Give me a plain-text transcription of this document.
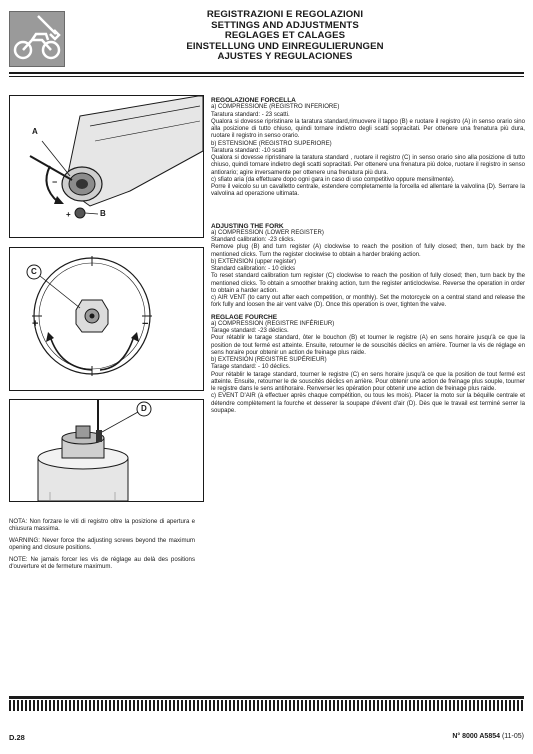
REGISTRAZIONI E REGOLAZIONI
SETTINGS AND ADJUSTMENTS
REGLAGES ET CALAGES
EINSTELLUNG UND EINREGULIERUNGEN
AJUSTES Y REGULACIONES
+
−
A
B
C
+	−
D

NOTA: Non forzare le viti di registro oltre la posizione di apertura e chiusura massima.

WARNING: Never force the adjusting screws beyond the maximum opening and closure positions.

NOTE: Ne jamais forcer les vis de réglage au delà des positions d'ouverture et de fermeture maximum.

REGOLAZIONE FORCELLA

a) COMPRESSIONE (REGISTRO INFERIORE)

Taratura standard: - 23 scatti.

Qualora si dovesse ripristinare la taratura standard,rimuovere il tappo (B) e ruotare il registro (A) in senso orario sino alla posizione di tutto chiuso, quindi tornare indietro degli scatti sopracitati. Per ottenere una frenatura più dura, ruotare il registro in senso orario.

b) ESTENSIONE (REGISTRO SUPERIORE)

Taratura standard: -10 scatti

Qualora si dovesse ripristinare la taratura standard , ruotare il registro (C) in senso orario sino alla posizione di tutto chiuso, quindi tornare indietro degli scatti sopracitati. Per ottenere una frenatura più dolce, ruotare il registro in senso antiorario; agire inversamente per ottenere una frenatura più dura.

c) sfiato aria (da effettuare dopo ogni gara in caso di uso competitivo oppure mensilmente).

Porre il veicolo su un cavalletto centrale, estendere completamente la forcella ed allentare la valvolina (D). Serrare la valvolina ad operazione ultimata.

ADJUSTING THE FORK

a) COMPRESSION (LOWER REGISTER)

Standard calibration: -23 clicks.

Remove plug (B) and turn register (A) clockwise to reach the position of fully closed; then, turn back by the mentioned clicks. Turn the register clockwise to obtain a harder braking action.

b) EXTENSION (upper register)

Standard calibration: - 10 clicks

To reset standard calibration turn register (C) clockwise to reach the position of fully closed; then, turn back by the mentioned clicks. To obtain a smoother braking action, turn the register anticlockwise. Reverse the operation in order to obtain a harder action.

c) AIR VENT (to carry out after each competition, or monthly). Set the motorcycle on a central stand and release the fork fully and loosen the air vent valve (D). Once this operation is over, tighten the valve.

REGLAGE FOURCHE

a) COMPRESSION (REGISTRE INFÉRIEUR)

Tarage standard: -23 déclics.

Pour rétablir le tarage standard, ôter le bouchon (B) et tourner le registre (A) en sens horaire jusqu'à ce que la position de tout fermé est atteinte. Ensuite, retourner le de souscités déclics en arrière. Tourner la vis de réglage en sens horaire pour obtenir un action de freinage plus raide.

b) EXTENSION (REGISTRE SUPÉRIEUR)

Tarage standard: - 10 déclics.

Pour rétablir le tarage standard, tourner le registre (C) en sens horaire jusqu'à ce que la position de tout fermé est atteinte. Ensuite, retourner le de souscités déclics en arrière. Pour obtenir une action de freinage plus souple, tourner le registre dans le sens antihoraire. Renverser les opération pour obtenir une action de freinage plus raide.

c) EVENT D'AIR (à effectuer après chaque compétition, ou tous les mois). Placer la moto sur la béquille centrale et détendre complètement la fourche et desserer la soupape d'évent d'air (D). Dès que le travail est terminé serrer la soupape.

D.28	N° 8000 A5854 (11-05)
